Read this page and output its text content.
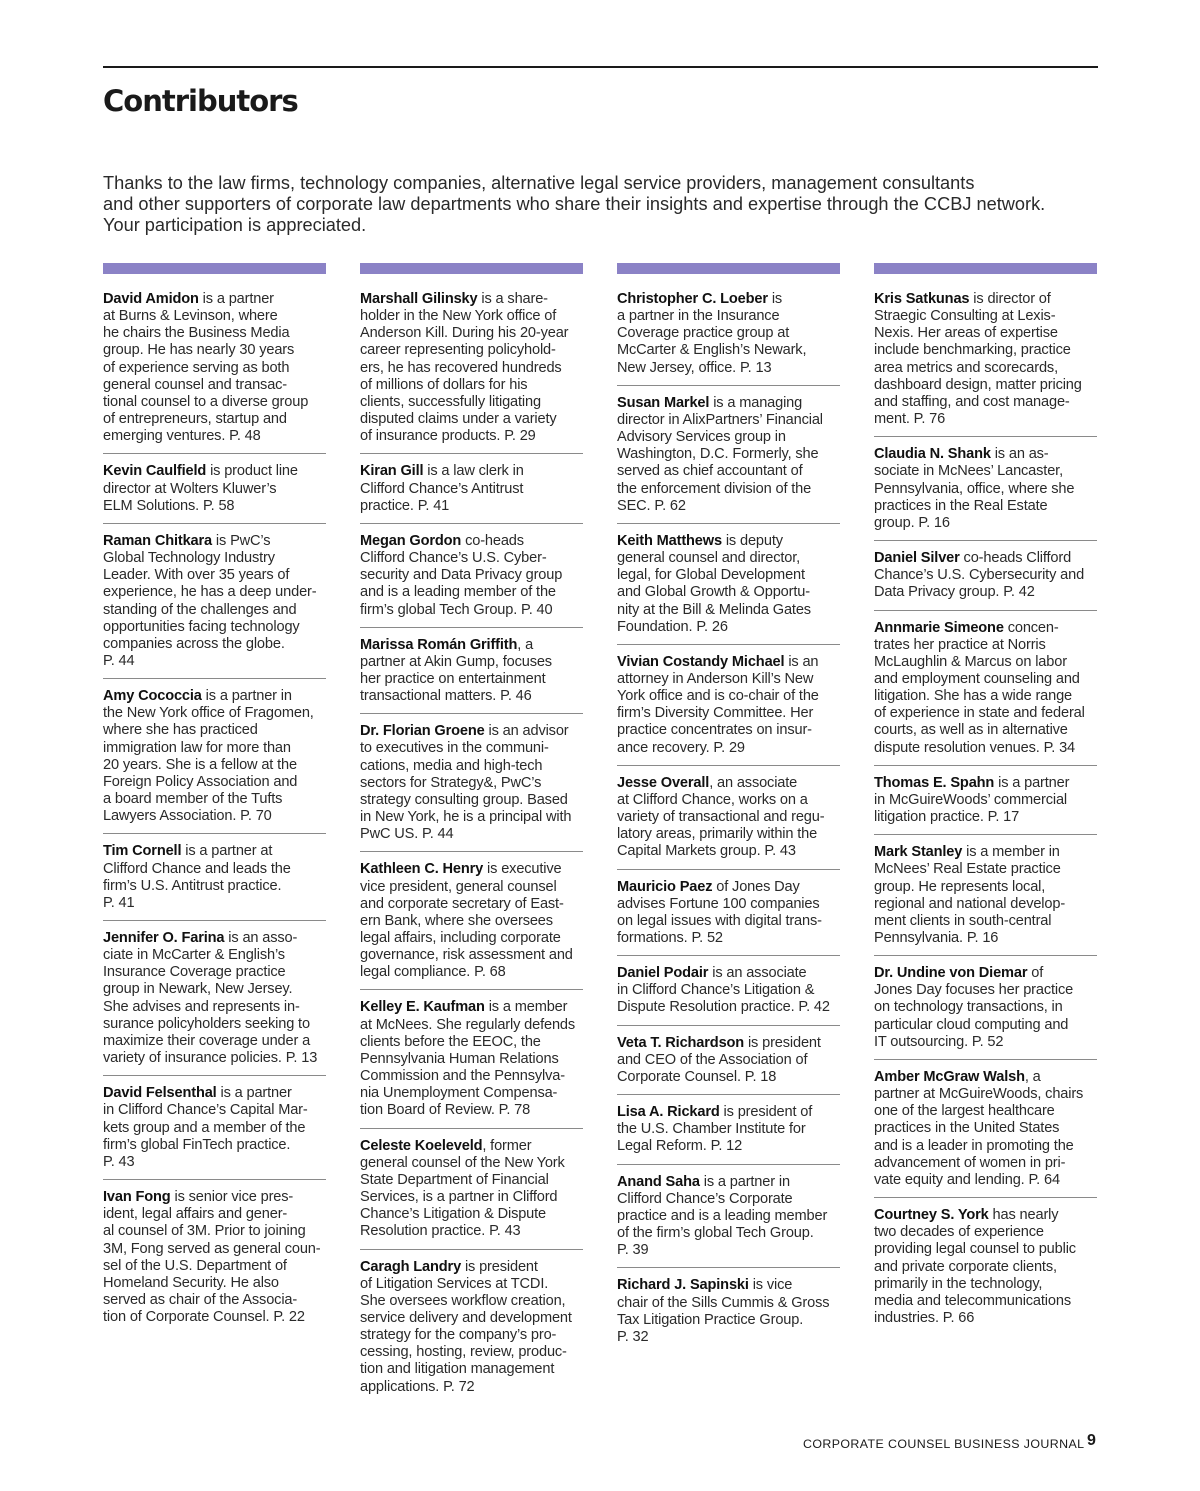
Contributors

Thanks to the law firms, technology companies, alternative legal service providers, management consultants
and other supporters of corporate law departments who share their insights and expertise through the CCBJ network.
Your participation is appreciated.

David Amidon is a partner
at Burns & Levinson, where
he chairs the Business Media
group. He has nearly 30 years
of experience serving as both
general counsel and transac-
tional counsel to a diverse group
of entrepreneurs, startup and
emerging ventures. P. 48

Kevin Caulfield is product line
director at Wolters Kluwer’s
ELM Solutions. P. 58

Raman Chitkara is PwC’s
Global Technology Industry
Leader. With over 35 years of
experience, he has a deep under-
standing of the challenges and
opportunities facing technology
companies across the globe.
P. 44

Amy Cococcia is a partner in
the New York office of Fragomen,
where she has practiced
immigration law for more than
20 years. She is a fellow at the
Foreign Policy Association and
a board member of the Tufts
Lawyers Association. P. 70

Tim Cornell is a partner at
Clifford Chance and leads the
firm’s U.S. Antitrust practice.
P. 41

Jennifer O. Farina is an asso-
ciate in McCarter & English’s
Insurance Coverage practice
group in Newark, New Jersey.
She advises and represents in-
surance policyholders seeking to
maximize their coverage under a
variety of insurance policies. P. 13

David Felsenthal is a partner
in Clifford Chance’s Capital Mar-
kets group and a member of the
firm’s global FinTech practice.
P. 43

Ivan Fong is senior vice pres-
ident, legal affairs and gener-
al counsel of 3M. Prior to joining
3M, Fong served as general coun-
sel of the U.S. Department of
Homeland Security. He also
served as chair of the Associa-
tion of Corporate Counsel. P. 22

Marshall Gilinsky is a share-
holder in the New York office of
Anderson Kill. During his 20-year
career representing policyhold-
ers, he has recovered hundreds
of millions of dollars for his
clients, successfully litigating
disputed claims under a variety
of insurance products. P. 29

Kiran Gill is a law clerk in
Clifford Chance’s Antitrust
practice. P. 41

Megan Gordon co-heads
Clifford Chance’s U.S. Cyber-
security and Data Privacy group
and is a leading member of the
firm’s global Tech Group. P. 40

Marissa Román Griffith, a
partner at Akin Gump, focuses
her practice on entertainment
transactional matters. P. 46

Dr. Florian Groene is an advisor
to executives in the communi-
cations, media and high-tech
sectors for Strategy&, PwC’s
strategy consulting group. Based
in New York, he is a principal with
PwC US. P. 44

Kathleen C. Henry is executive
vice president, general counsel
and corporate secretary of East-
ern Bank, where she oversees
legal affairs, including corporate
governance, risk assessment and
legal compliance. P. 68

Kelley E. Kaufman is a member
at McNees. She regularly defends
clients before the EEOC, the
Pennsylvania Human Relations
Commission and the Pennsylva-
nia Unemployment Compensa-
tion Board of Review. P. 78

Celeste Koeleveld, former
general counsel of the New York
State Department of Financial
Services, is a partner in Clifford
Chance’s Litigation & Dispute
Resolution practice. P. 43

Caragh Landry is president
of Litigation Services at TCDI.
She oversees workflow creation,
service delivery and development
strategy for the company’s pro-
cessing, hosting, review, produc-
tion and litigation management
applications. P. 72

Christopher C. Loeber is
a partner in the Insurance
Coverage practice group at
McCarter & English’s Newark,
New Jersey, office. P. 13

Susan Markel is a managing
director in AlixPartners’ Financial
Advisory Services group in
Washington, D.C. Formerly, she
served as chief accountant of
the enforcement division of the
SEC. P. 62

Keith Matthews is deputy
general counsel and director,
legal, for Global Development
and Global Growth & Opportu-
nity at the Bill & Melinda Gates
Foundation. P. 26

Vivian Costandy Michael is an
attorney in Anderson Kill’s New
York office and is co-chair of the
firm’s Diversity Committee. Her
practice concentrates on insur-
ance recovery. P. 29

Jesse Overall, an associate
at Clifford Chance, works on a
variety of transactional and regu-
latory areas, primarily within the
Capital Markets group. P. 43

Mauricio Paez of Jones Day
advises Fortune 100 companies
on legal issues with digital trans-
formations. P. 52

Daniel Podair is an associate
in Clifford Chance’s Litigation &
Dispute Resolution practice. P. 42

Veta T. Richardson is president
and CEO of the Association of
Corporate Counsel. P. 18

Lisa A. Rickard is president of
the U.S. Chamber Institute for
Legal Reform. P. 12

Anand Saha is a partner in
Clifford Chance’s Corporate
practice and is a leading member
of the firm’s global Tech Group.
P. 39

Richard J. Sapinski is vice
chair of the Sills Cummis & Gross
Tax Litigation Practice Group.
P. 32

Kris Satkunas is director of
Straegic Consulting at Lexis-
Nexis. Her areas of expertise
include benchmarking, practice
area metrics and scorecards,
dashboard design, matter pricing
and staffing, and cost manage-
ment. P. 76

Claudia N. Shank is an as-
sociate in McNees’ Lancaster,
Pennsylvania, office, where she
practices in the Real Estate
group. P. 16

Daniel Silver co-heads Clifford
Chance’s U.S. Cybersecurity and
Data Privacy group. P. 42

Annmarie Simeone concen-
trates her practice at Norris
McLaughlin & Marcus on labor
and employment counseling and
litigation. She has a wide range
of experience in state and federal
courts, as well as in alternative
dispute resolution venues. P. 34

Thomas E. Spahn is a partner
in McGuireWoods’ commercial
litigation practice. P. 17

Mark Stanley is a member in
McNees’ Real Estate practice
group. He represents local,
regional and national develop-
ment clients in south-central
Pennsylvania. P. 16

Dr. Undine von Diemar of
Jones Day focuses her practice
on technology transactions, in
particular cloud computing and
IT outsourcing. P. 52

Amber McGraw Walsh, a
partner at McGuireWoods, chairs
one of the largest healthcare
practices in the United States
and is a leader in promoting the
advancement of women in pri-
vate equity and lending. P. 64

Courtney S. York has nearly
two decades of experience
providing legal counsel to public
and private corporate clients,
primarily in the technology,
media and telecommunications
industries. P. 66

CORPORATE COUNSEL BUSINESS JOURNAL 9
